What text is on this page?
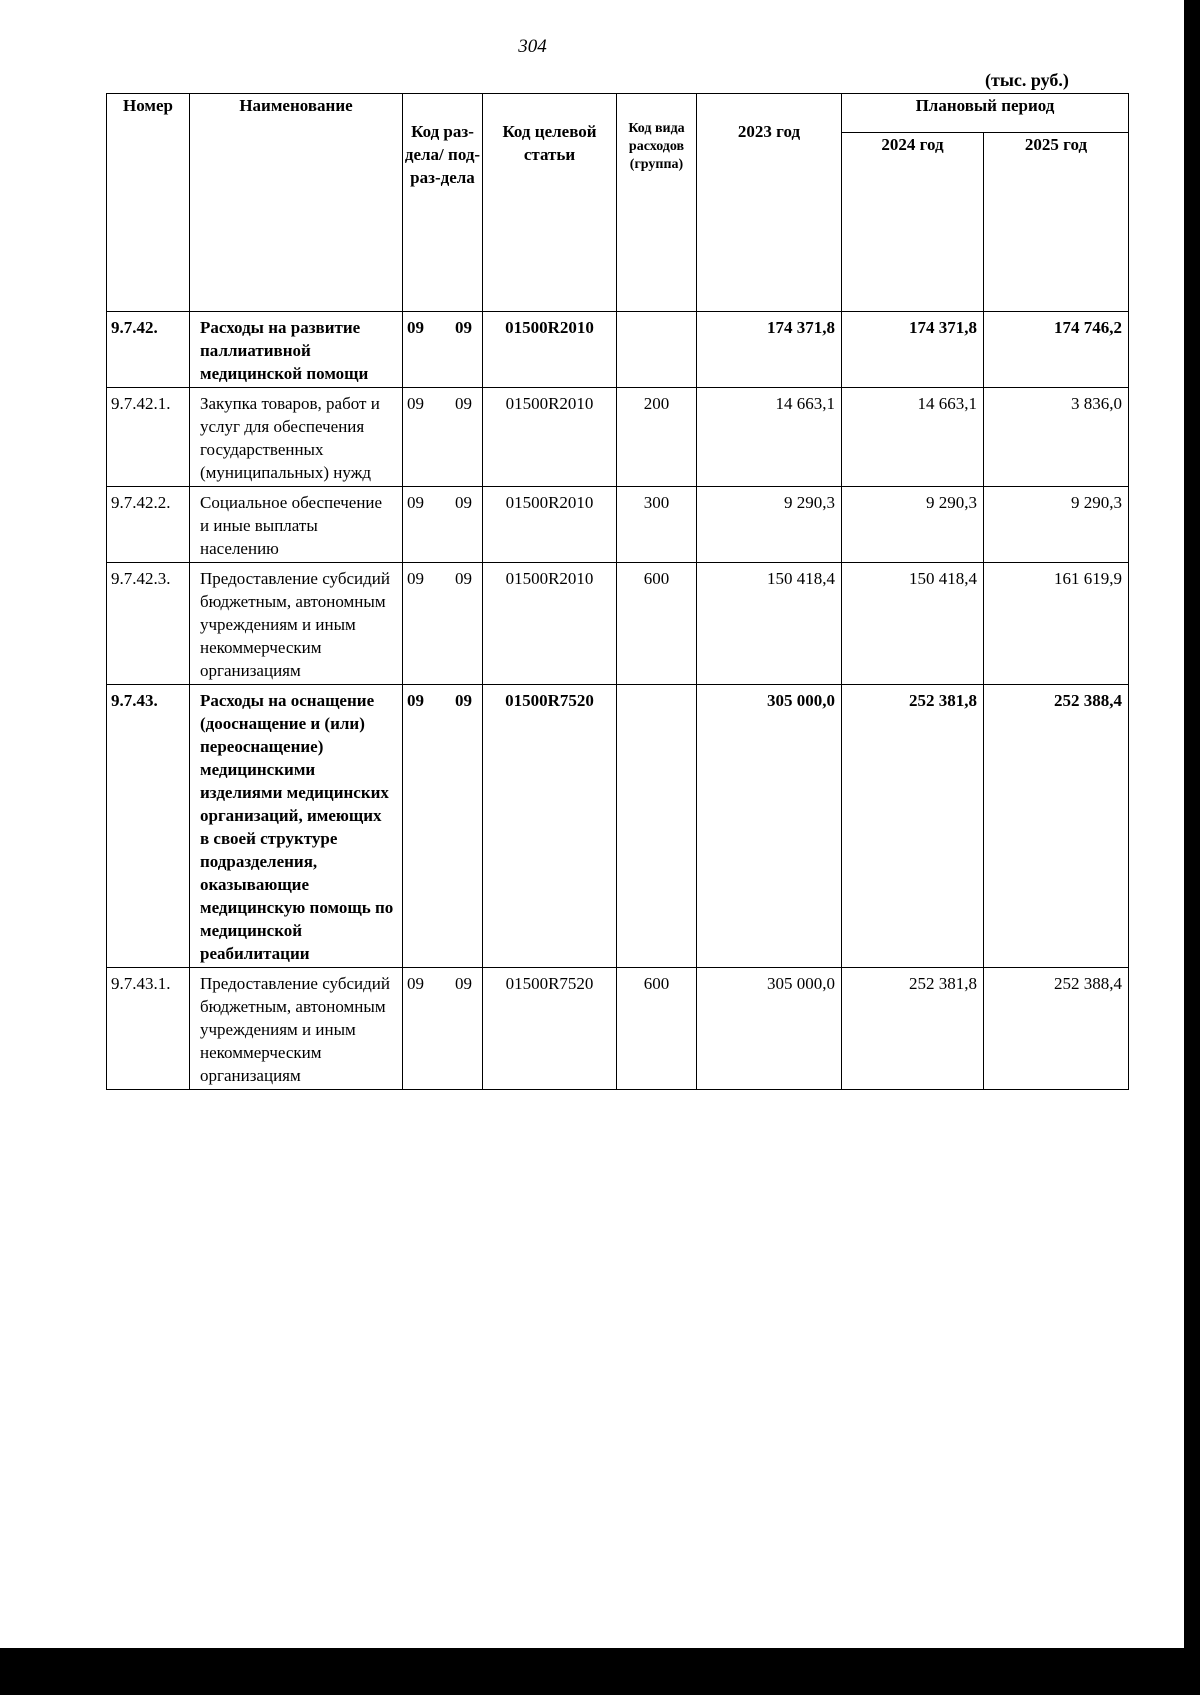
304
(тыс. руб.)
Номер	Наименование	Код раз-дела/ под-раз-дела	Код целевой статьи	Код вида расходов (группа)	2023 год	Плановый период	
						2024 год	2025 год

9.7.42.	Расходы на развитие паллиативной медицинской помощи	09 09	01500R2010		174 371,8	174 371,8	174 746,2

9.7.42.1.	Закупка товаров, работ и услуг для обеспечения государственных (муниципальных) нужд	09 09	01500R2010	200	14 663,1	14 663,1	3 836,0

9.7.42.2.	Социальное обеспечение и иные выплаты населению	09 09	01500R2010	300	9 290,3	9 290,3	9 290,3

9.7.42.3.	Предоставление субсидий бюджетным, автономным учреждениям и иным некоммерческим организациям	09 09	01500R2010	600	150 418,4	150 418,4	161 619,9

9.7.43.	Расходы на оснащение (дооснащение и (или) переоснащение) медицинскими изделиями медицинских организаций, имеющих в своей структуре подразделения, оказывающие медицинскую помощь по медицинской реабилитации	09 09	01500R7520		305 000,0	252 381,8	252 388,4

9.7.43.1.	Предоставление субсидий бюджетным, автономным учреждениям и иным некоммерческим организациям	09 09	01500R7520	600	305 000,0	252 381,8	252 388,4
